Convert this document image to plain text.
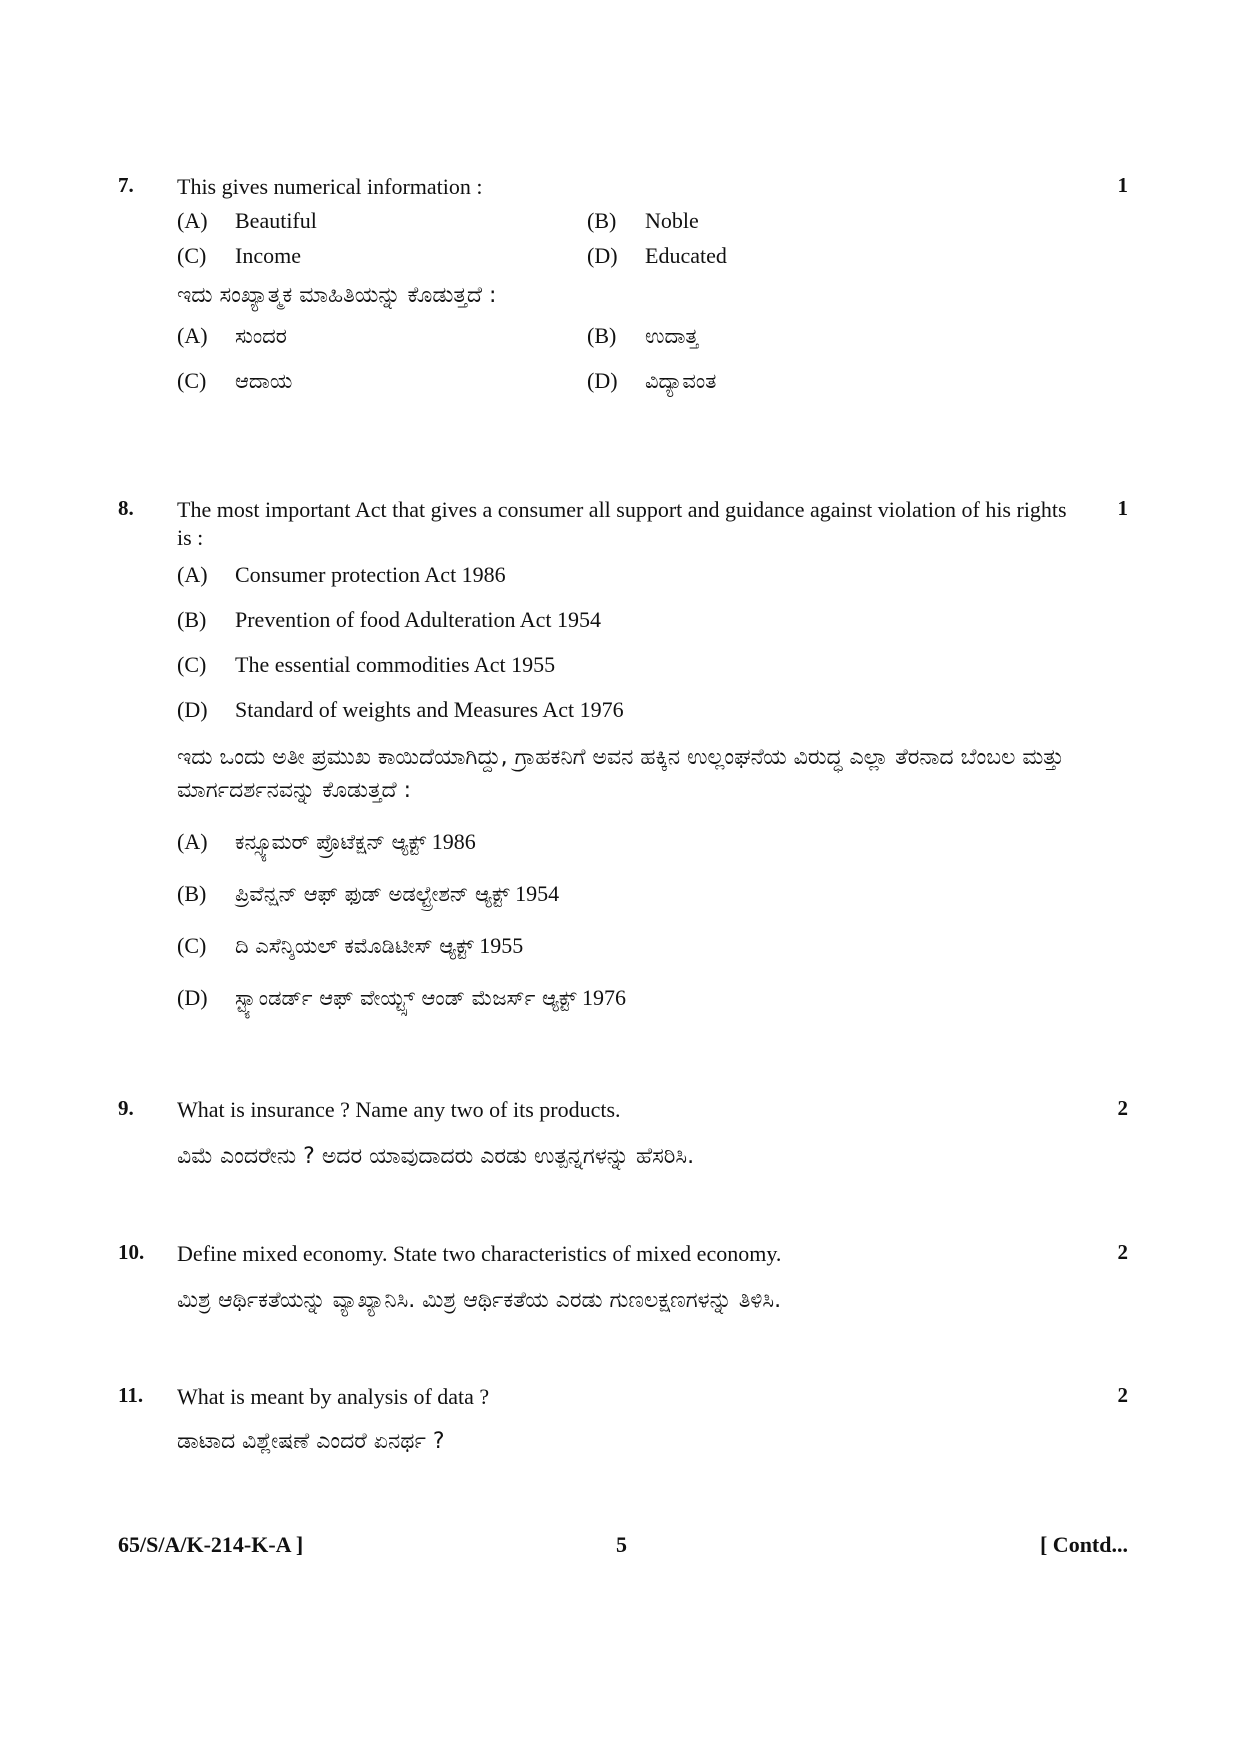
7. This gives numerical information :	1
(A) Beautiful	(B) Noble
(C) Income	(D) Educated
ಇದು ಸಂಖ್ಯಾತ್ಮಕ ಮಾಹಿತಿಯನ್ನು ಕೊಡುತ್ತದೆ :
(A) ಸುಂದರ	(B) ಉದಾತ್ತ
(C) ಆದಾಯ	(D) ವಿದ್ಯಾವಂತ
8. The most important Act that gives a consumer all support and guidance against violation of his rights is :
1
(A) Consumer protection Act 1986
(B) Prevention of food Adulteration Act 1954
(C) The essential commodities Act 1955
(D) Standard of weights and Measures Act 1976
ಇದು ಒಂದು ಅತೀ ಪ್ರಮುಖ ಕಾಯಿದೆಯಾಗಿದ್ದು, ಗ್ರಾಹಕನಿಗೆ ಅವನ ಹಕ್ಕಿನ ಉಲ್ಲಂಘನೆಯ ವಿರುದ್ಧ ಎಲ್ಲಾ ತೆರನಾದ ಬೆಂಬಲ ಮತ್ತು ಮಾರ್ಗದರ್ಶನವನ್ನು ಕೊಡುತ್ತದೆ :
(A) ಕನ್ಸ್ಯೂಮರ್ ಪ್ರೊಟೆಕ್ಷನ್ ಆ್ಯಕ್ಟ್ 1986
(B) ಪ್ರಿವೆನ್ಷನ್ ಆಫ್ ಫುಡ್ ಅಡಲ್ಟ್ರೇಶನ್ ಆ್ಯಕ್ಟ್ 1954
(C) ದಿ ಎಸೆನ್ಶಿಯಲ್ ಕಮೊಡಿಟೀಸ್ ಆ್ಯಕ್ಟ್ 1955
(D) ಸ್ಟ್ಯಾಂಡರ್ಡ್ ಆಫ್ ವೇಯ್ಟ್ಸ್ ಆಂಡ್ ಮೆಜರ್ಸ್ ಆ್ಯಕ್ಟ್ 1976
9. What is insurance ? Name any two of its products.	2
ವಿಮೆ ಎಂದರೇನು ? ಅದರ ಯಾವುದಾದರು ಎರಡು ಉತ್ಪನ್ನಗಳನ್ನು ಹೆಸರಿಸಿ.
10. Define mixed economy. State two characteristics of mixed economy.	2
ಮಿಶ್ರ ಆರ್ಥಿಕತೆಯನ್ನು ವ್ಯಾಖ್ಯಾನಿಸಿ. ಮಿಶ್ರ ಆರ್ಥಿಕತೆಯ ಎರಡು ಗುಣಲಕ್ಷಣಗಳನ್ನು ತಿಳಿಸಿ.
11. What is meant by analysis of data ?	2
ಡಾಟಾದ ವಿಶ್ಲೇಷಣೆ ಎಂದರೆ ಏನರ್ಥ ?
65/S/A/K-214-K-A ]	5	[ Contd...
